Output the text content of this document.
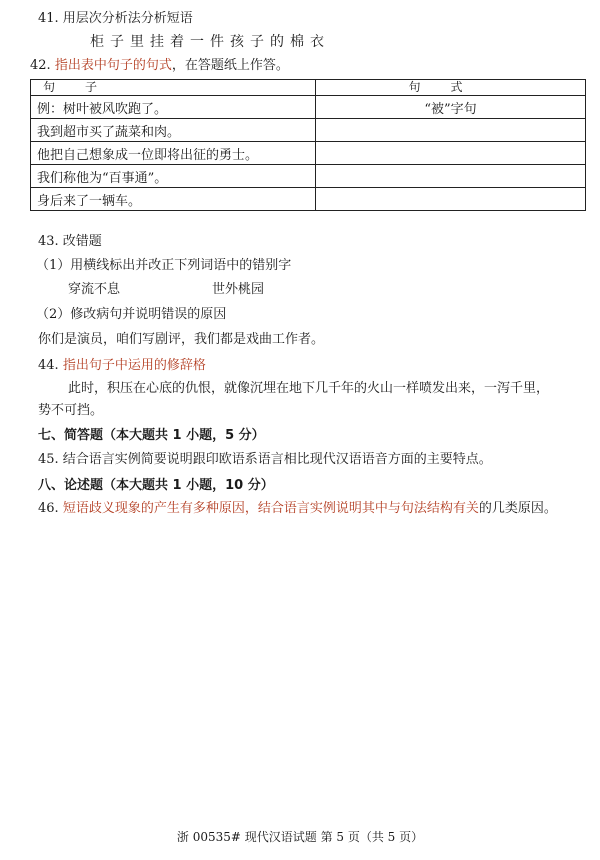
41. 用层次分析法分析短语
柜子里挂着一件孩子的棉衣
42. 指出表中句子的句式，在答题纸上作答。
句子	句式
例：树叶被风吹跑了。	“被”字句
我到超市买了蔬菜和肉。	
他把自己想象成一位即将出征的勇士。	
我们称他为“百事通”。	
身后来了一辆车。	
43. 改错题
（1）用横线标出并改正下列词语中的错别字
穿流不息	世外桃园
（2）修改病句并说明错误的原因
你们是演员，咱们写剧评，我们都是戏曲工作者。
44. 指出句子中运用的修辞格
此时，积压在心底的仇恨，就像沉埋在地下几千年的火山一样喷发出来，一泻千里，
势不可挡。
七、简答题（本大题共 1 小题，5 分）
45. 结合语言实例简要说明跟印欧语系语言相比现代汉语语音方面的主要特点。
八、论述题（本大题共 1 小题，10 分）
46. 短语歧义现象的产生有多种原因，结合语言实例说明其中与句法结构有关的几类原因。
浙 00535# 现代汉语试题 第 5 页（共 5 页）
